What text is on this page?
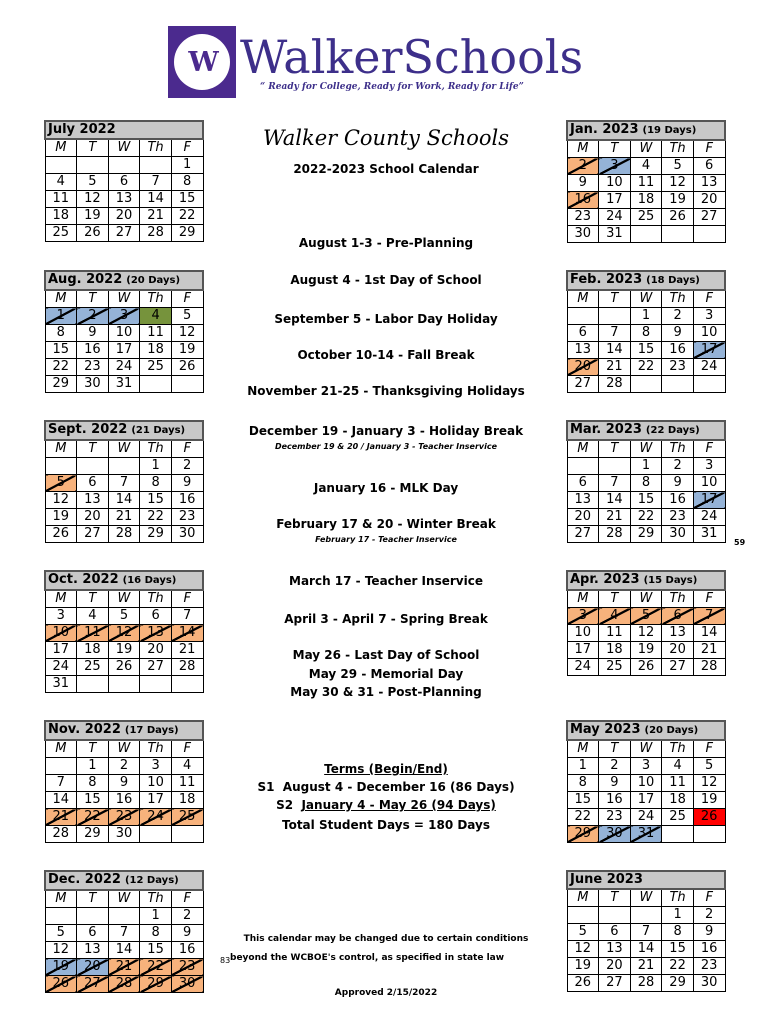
W WalkerSchools
“ Ready for College, Ready for Work, Ready for Life”
July 2022				
M	T	W	Th	F
				1
4	5	6	7	8
11	12	13	14	15
18	19	20	21	22
25	26	27	28	29
Aug. 2022 (20 Days)				
M	T	W	Th	F
1	2	3	4	5
8	9	10	11	12
15	16	17	18	19
22	23	24	25	26
29	30	31		
Sept. 2022 (21 Days)				
M	T	W	Th	F
			1	2
5	6	7	8	9
12	13	14	15	16
19	20	21	22	23
26	27	28	29	30
Oct. 2022 (16 Days)				
M	T	W	Th	F
3	4	5	6	7
10	11	12	13	14
17	18	19	20	21
24	25	26	27	28
31				
Nov. 2022 (17 Days)				
M	T	W	Th	F
	1	2	3	4
7	8	9	10	11
14	15	16	17	18
21	22	23	24	25
28	29	30		
Dec. 2022 (12 Days)				
M	T	W	Th	F
			1	2
5	6	7	8	9
12	13	14	15	16
19	20	21	22	23
26	27	28	29	30
Jan. 2023 (19 Days)				
M	T	W	Th	F
2	3	4	5	6
9	10	11	12	13
16	17	18	19	20
23	24	25	26	27
30	31			
Feb. 2023 (18 Days)				
M	T	W	Th	F
		1	2	3
6	7	8	9	10
13	14	15	16	17
20	21	22	23	24
27	28			
Mar. 2023 (22 Days)				
M	T	W	Th	F
		1	2	3
6	7	8	9	10
13	14	15	16	17
20	21	22	23	24
27	28	29	30	31
Apr. 2023 (15 Days)				
M	T	W	Th	F
3	4	5	6	7
10	11	12	13	14
17	18	19	20	21
24	25	26	27	28
May 2023 (20 Days)				
M	T	W	Th	F
1	2	3	4	5
8	9	10	11	12
15	16	17	18	19
22	23	24	25	26
29	30	31		
June 2023				
M	T	W	Th	F
			1	2
5	6	7	8	9
12	13	14	15	16
19	20	21	22	23
26	27	28	29	30
Walker County Schools
2022-2023 School Calendar
August 1-3 - Pre-Planning
August 4 - 1st Day of School
September 5 - Labor Day Holiday
October 10-14 - Fall Break
November 21-25 - Thanksgiving Holidays
December 19 - January 3 - Holiday Break
December 19 & 20 / January 3 - Teacher Inservice
January 16 - MLK Day
February 17 & 20 - Winter Break
February 17 - Teacher Inservice
March 17 - Teacher Inservice
April 3 - April 7 - Spring Break
May 26 - Last Day of School
May 29 - Memorial Day
May 30 & 31 - Post-Planning
Terms (Begin/End)
S1 August 4 - December 16 (86 Days)
S2 January 4 - May 26 (94 Days)
Total Student Days = 180 Days
This calendar may be changed due to certain conditions
83 beyond the WCBOE's control, as specified in state law
Approved 2/15/2022
59
